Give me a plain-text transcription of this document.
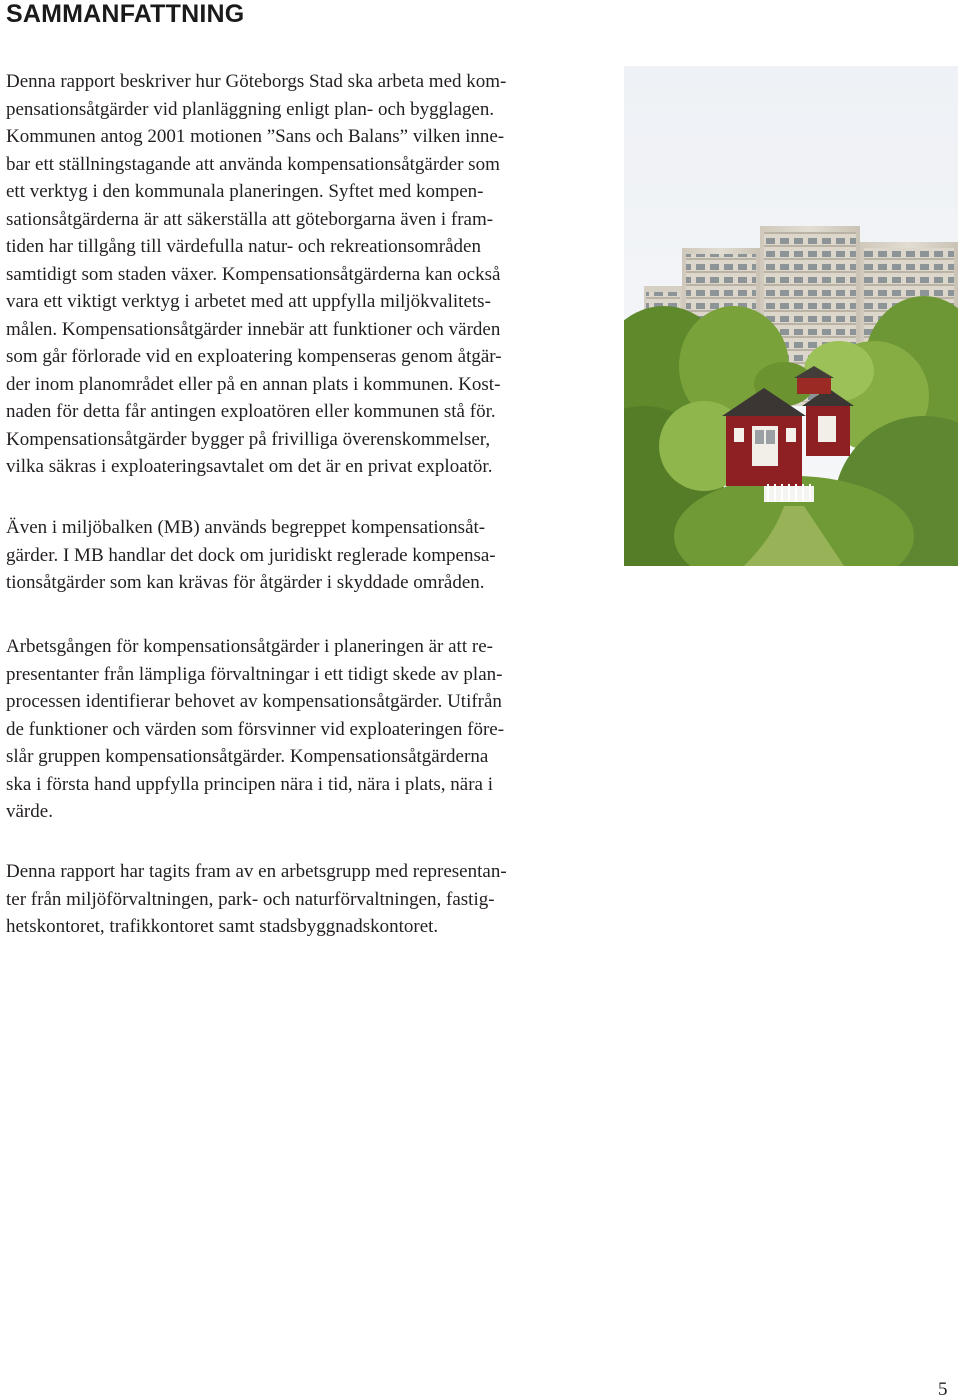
SAMMANFATTNING

Denna rapport beskriver hur Göteborgs Stad ska arbeta med kom-
pensationsåtgärder vid planläggning enligt plan- och bygglagen.
Kommunen antog 2001 motionen ”Sans och Balans” vilken inne-
bar ett ställningstagande att använda kompensationsåtgärder som
ett verktyg i den kommunala planeringen. Syftet med kompen-
sationsåtgärderna är att säkerställa att göteborgarna även i fram-
tiden har tillgång till värdefulla natur- och rekreationsområden
samtidigt som staden växer. Kompensationsåtgärderna kan också
vara ett viktigt verktyg i arbetet med att uppfylla miljökvalitets-
målen. Kompensationsåtgärder innebär att funktioner och värden
som går förlorade vid en exploatering kompenseras genom åtgär-
der inom planområdet eller på en annan plats i kommunen. Kost-
naden för detta får antingen exploatören eller kommunen stå för.
Kompensationsåtgärder bygger på frivilliga överenskommelser,
vilka säkras i exploateringsavtalet om det är en privat exploatör.

Även i miljöbalken (MB) används begreppet kompensationsåt-
gärder. I MB handlar det dock om juridiskt reglerade kompensa-
tionsåtgärder som kan krävas för åtgärder i skyddade områden.

Arbetsgången för kompensationsåtgärder i planeringen är att re-
presentanter från lämpliga förvaltningar i ett tidigt skede av plan-
processen identifierar behovet av kompensationsåtgärder. Utifrån
de funktioner och värden som försvinner vid exploateringen före-
slår gruppen kompensationsåtgärder. Kompensationsåtgärderna
ska i första hand uppfylla principen nära i tid, nära i plats, nära i
värde.

Denna rapport har tagits fram av en arbetsgrupp med representan-
ter från miljöförvaltningen, park- och naturförvaltningen, fastig-
hetskontoret, trafikkontoret samt stadsbyggnadskontoret.

5
